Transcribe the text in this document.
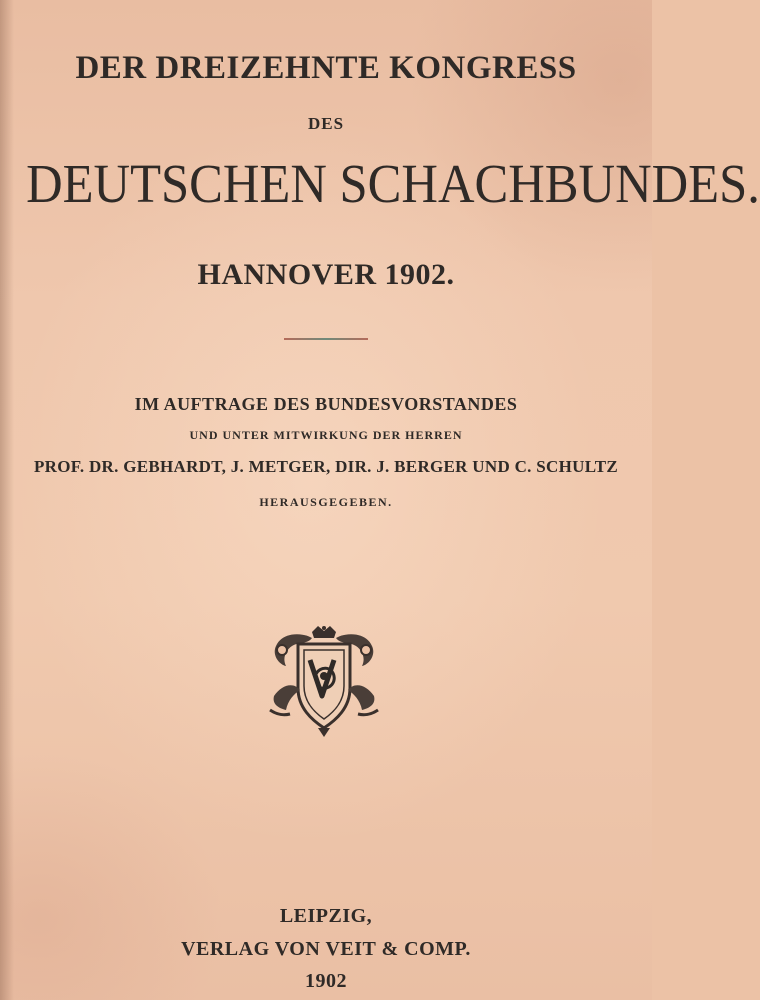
DER DREIZEHNTE KONGRESS
DES
DEUTSCHEN SCHACHBUNDES.
HANNOVER 1902.
IM AUFTRAGE DES BUNDESVORSTANDES
UND UNTER MITWIRKUNG DER HERREN
PROF. DR. GEBHARDT, J. METGER, DIR. J. BERGER UND C. SCHULTZ
HERAUSGEGEBEN.
LEIPZIG,
VERLAG VON VEIT & COMP.
1902
